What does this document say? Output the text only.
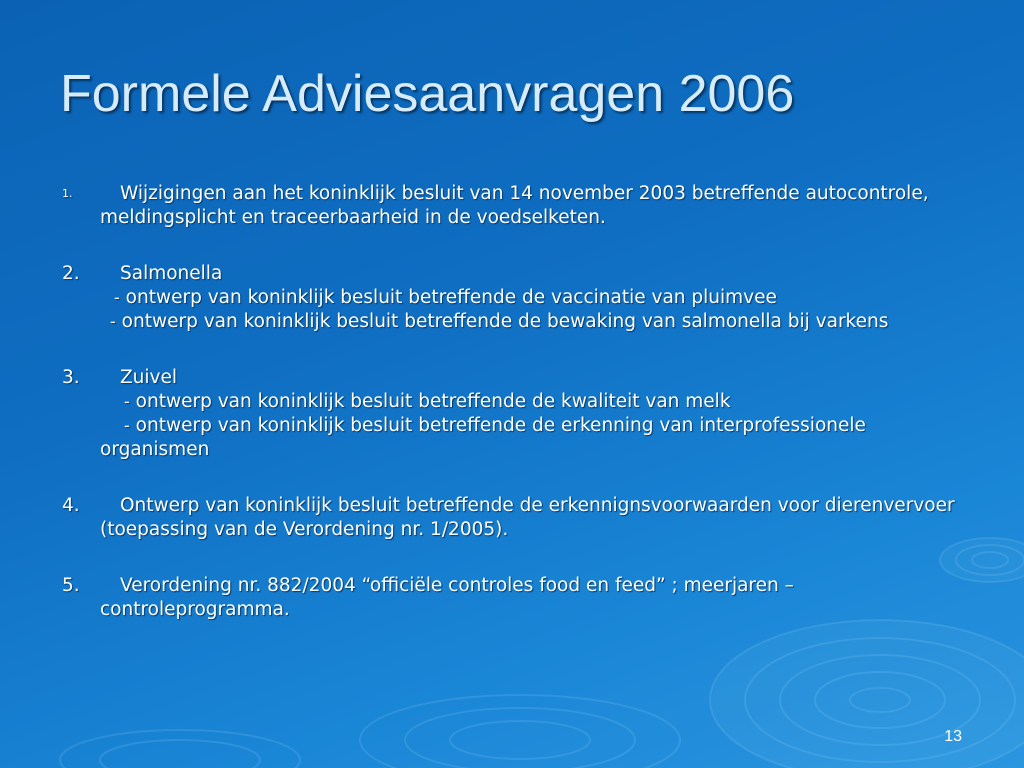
Formele Adviesaanvragen 2006
1.	Wijzigingen aan het koninklijk besluit van 14 november 2003 betreffende autocontrole, meldingsplicht en traceerbaarheid in de voedselketen.
2. Salmonella
- ontwerp van koninklijk besluit betreffende de vaccinatie van pluimvee
- ontwerp van koninklijk besluit betreffende de bewaking van salmonella bij varkens
3. Zuivel
- ontwerp van koninklijk besluit betreffende de kwaliteit van melk
- ontwerp van koninklijk besluit betreffende de erkenning van interprofessionele organismen
4. Ontwerp van koninklijk besluit betreffende de erkennignsvoorwaarden voor dierenvervoer (toepassing van de Verordening nr. 1/2005).
5. Verordening nr. 882/2004 “officiële controles food en feed” ; meerjaren – controleprogramma.
13
